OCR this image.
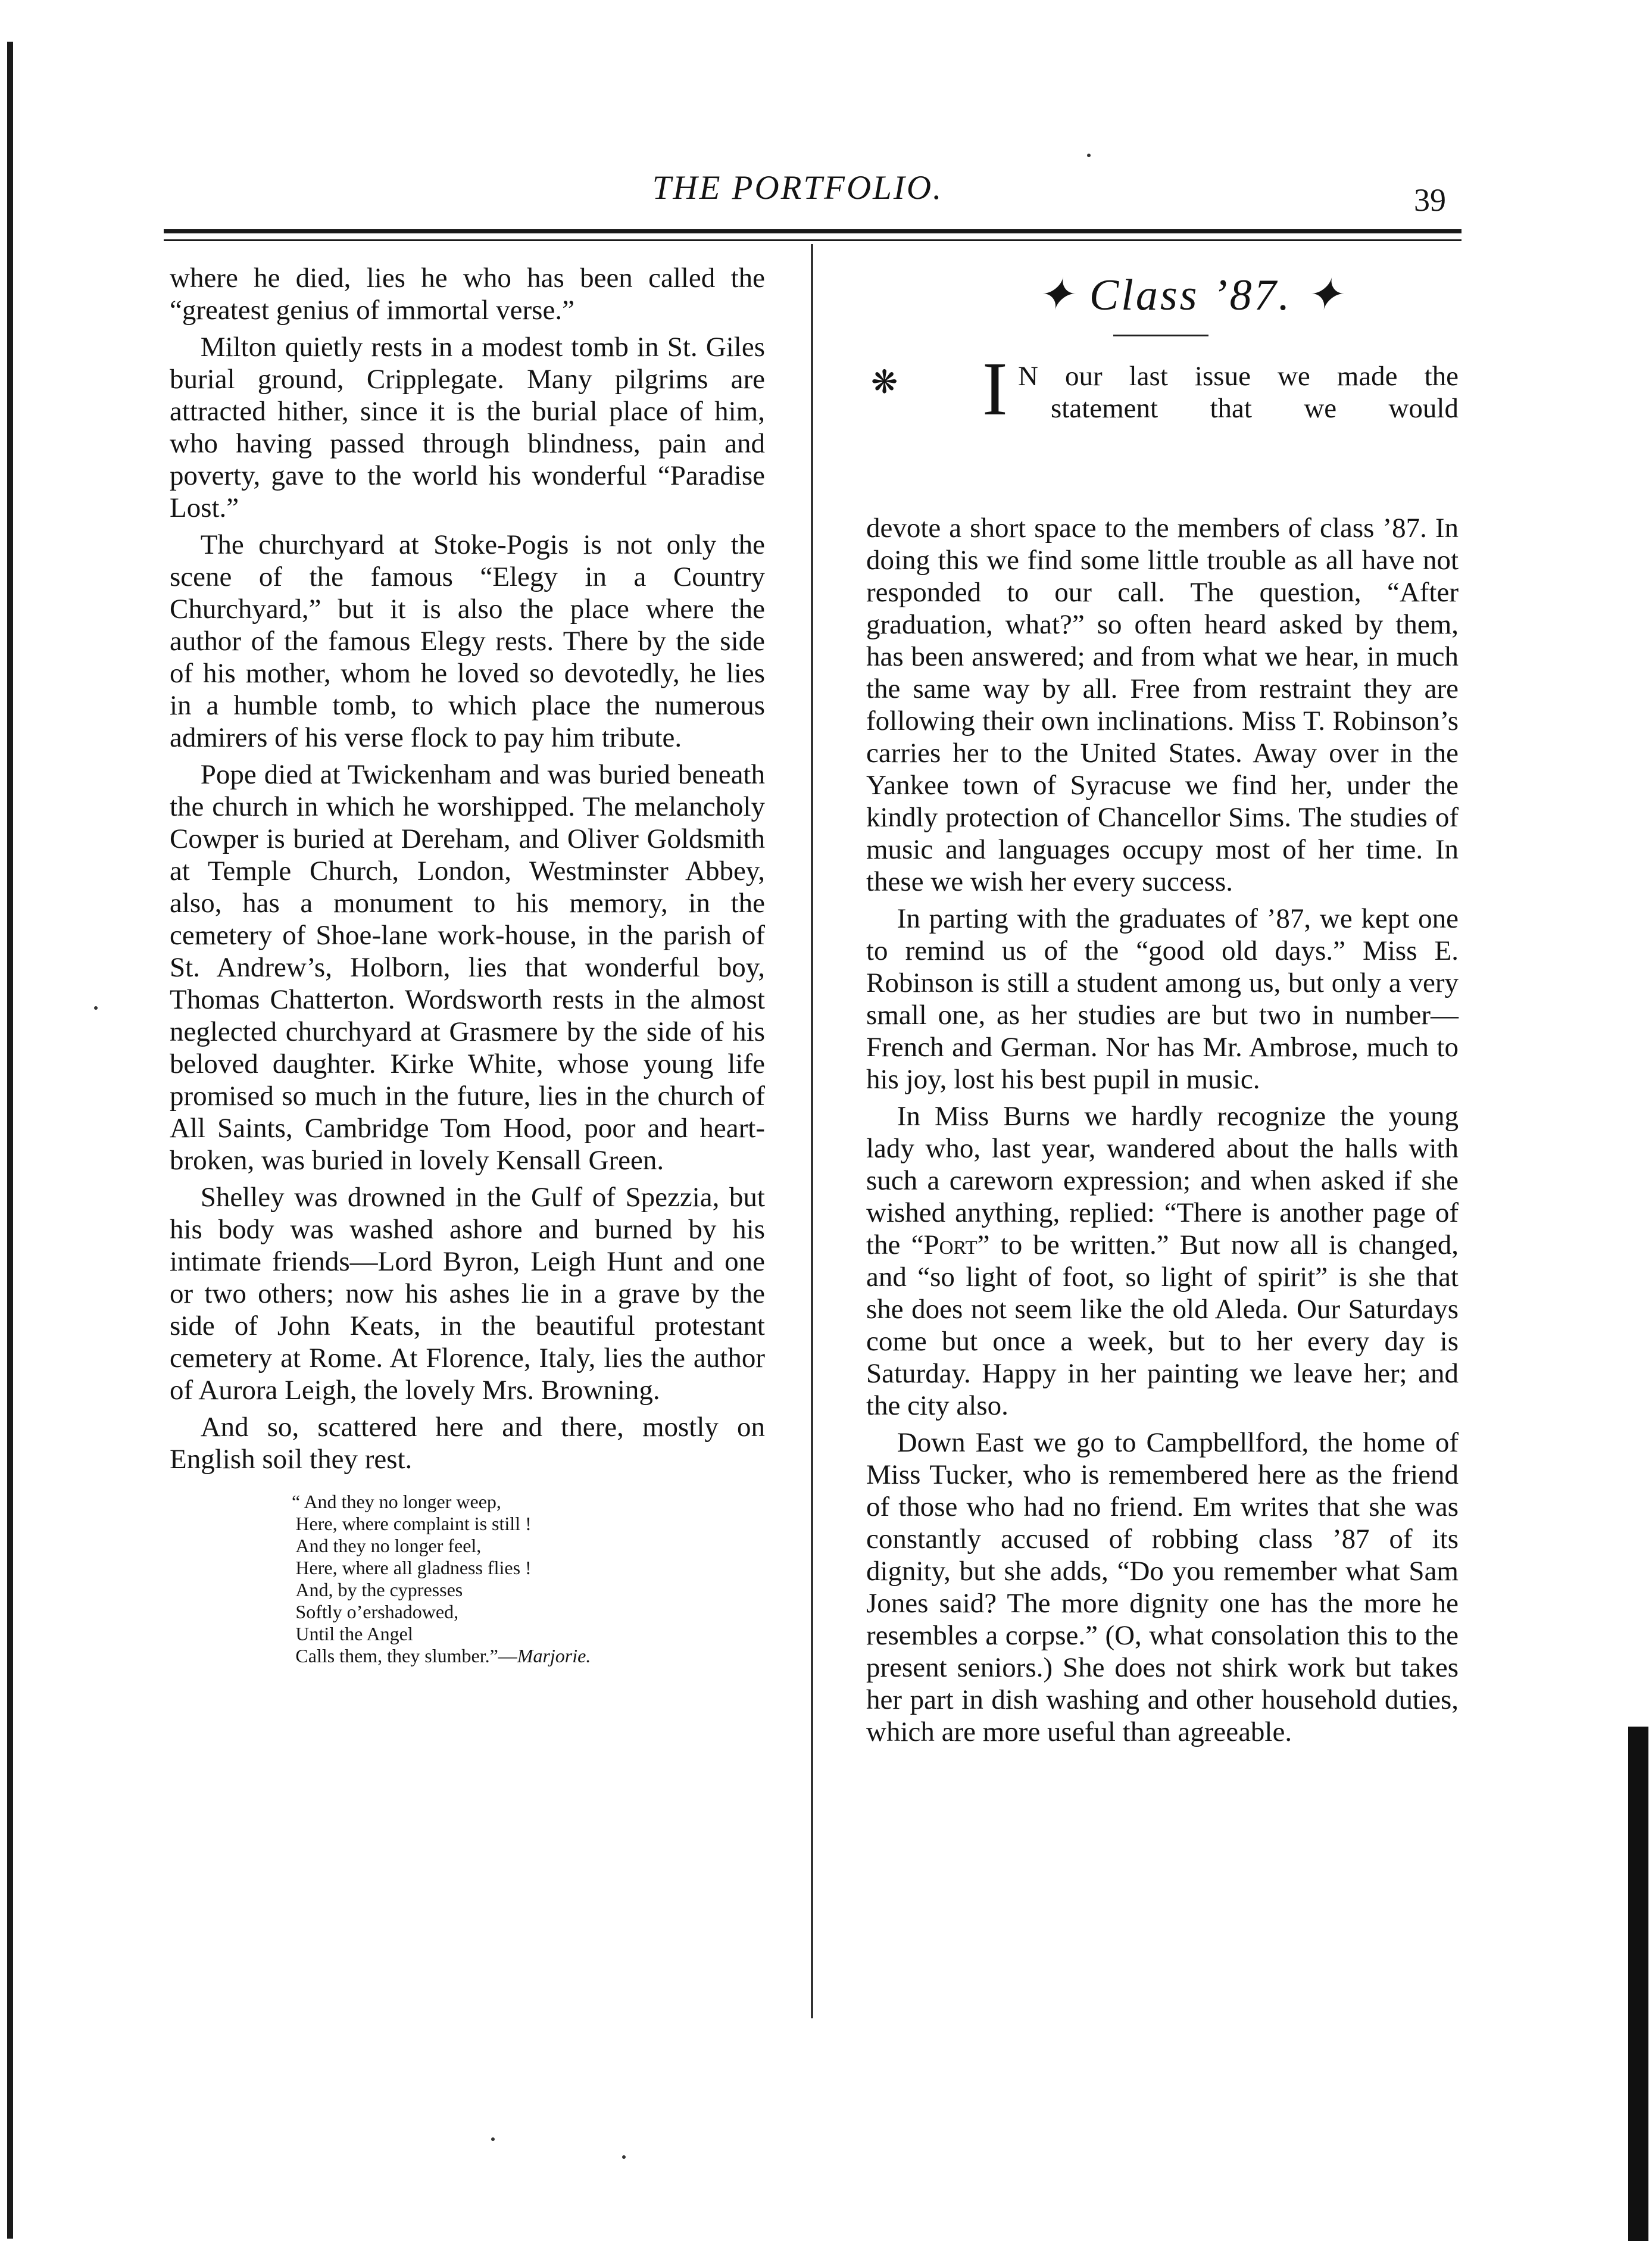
THE PORTFOLIO.	39

where he died, lies he who has been called the “greatest genius of immortal verse.”

Milton quietly rests in a modest tomb in St. Giles burial ground, Cripplegate. Many pilgrims are attracted hither, since it is the burial place of him, who having passed through blindness, pain and poverty, gave to the world his wonderful “Paradise Lost.”

The churchyard at Stoke-Pogis is not only the scene of the famous “Elegy in a Country Churchyard,” but it is also the place where the author of the famous Elegy rests. There by the side of his mother, whom he loved so devotedly, he lies in a humble tomb, to which place the numerous admirers of his verse flock to pay him tribute.

Pope died at Twickenham and was buried beneath the church in which he worshipped. The melancholy Cowper is buried at Dereham, and Oliver Goldsmith at Temple Church, London, Westminster Abbey, also, has a monument to his memory, in the cemetery of Shoe-lane work-house, in the parish of St. Andrew’s, Holborn, lies that wonderful boy, Thomas Chatterton. Wordsworth rests in the almost neglected churchyard at Grasmere by the side of his beloved daughter. Kirke White, whose young life promised so much in the future, lies in the church of All Saints, Cambridge Tom Hood, poor and heart-broken, was buried in lovely Kensall Green.

Shelley was drowned in the Gulf of Spezzia, but his body was washed ashore and burned by his intimate friends—Lord Byron, Leigh Hunt and one or two others; now his ashes lie in a grave by the side of John Keats, in the beautiful protestant cemetery at Rome. At Florence, Italy, lies the author of Aurora Leigh, the lovely Mrs. Browning.

And so, scattered here and there, mostly on English soil they rest.

“ And they no longer weep,
Here, where complaint is still !
And they no longer feel,
Here, where all gladness flies !
And, by the cypresses
Softly o’ershadowed,
Until the Angel
Calls them, they slumber.”—Marjorie.
✦ Class ’87. ✦
❋ I N our last issue we made the
statement that we would

devote a short space to the members of class ’87. In doing this we find some little trouble as all have not responded to our call. The question, “After graduation, what?” so often heard asked by them, has been answered; and from what we hear, in much the same way by all. Free from restraint they are following their own inclinations. Miss T. Robinson’s carries her to the United States. Away over in the Yankee town of Syracuse we find her, under the kindly protection of Chancellor Sims. The studies of music and languages occupy most of her time. In these we wish her every success.

In parting with the graduates of ’87, we kept one to remind us of the “good old days.” Miss E. Robinson is still a student among us, but only a very small one, as her studies are but two in number—French and German. Nor has Mr. Ambrose, much to his joy, lost his best pupil in music.

In Miss Burns we hardly recognize the young lady who, last year, wandered about the halls with such a careworn expression; and when asked if she wished anything, replied: “There is another page of the “Port” to be written.” But now all is changed, and “so light of foot, so light of spirit” is she that she does not seem like the old Aleda. Our Saturdays come but once a week, but to her every day is Saturday. Happy in her painting we leave her; and the city also.

Down East we go to Campbellford, the home of Miss Tucker, who is remembered here as the friend of those who had no friend. Em writes that she was constantly accused of robbing class ’87 of its dignity, but she adds, “Do you remember what Sam Jones said? The more dignity one has the more he resembles a corpse.” (O, what consolation this to the present seniors.) She does not shirk work but takes her part in dish washing and other household duties, which are more useful than agreeable.
